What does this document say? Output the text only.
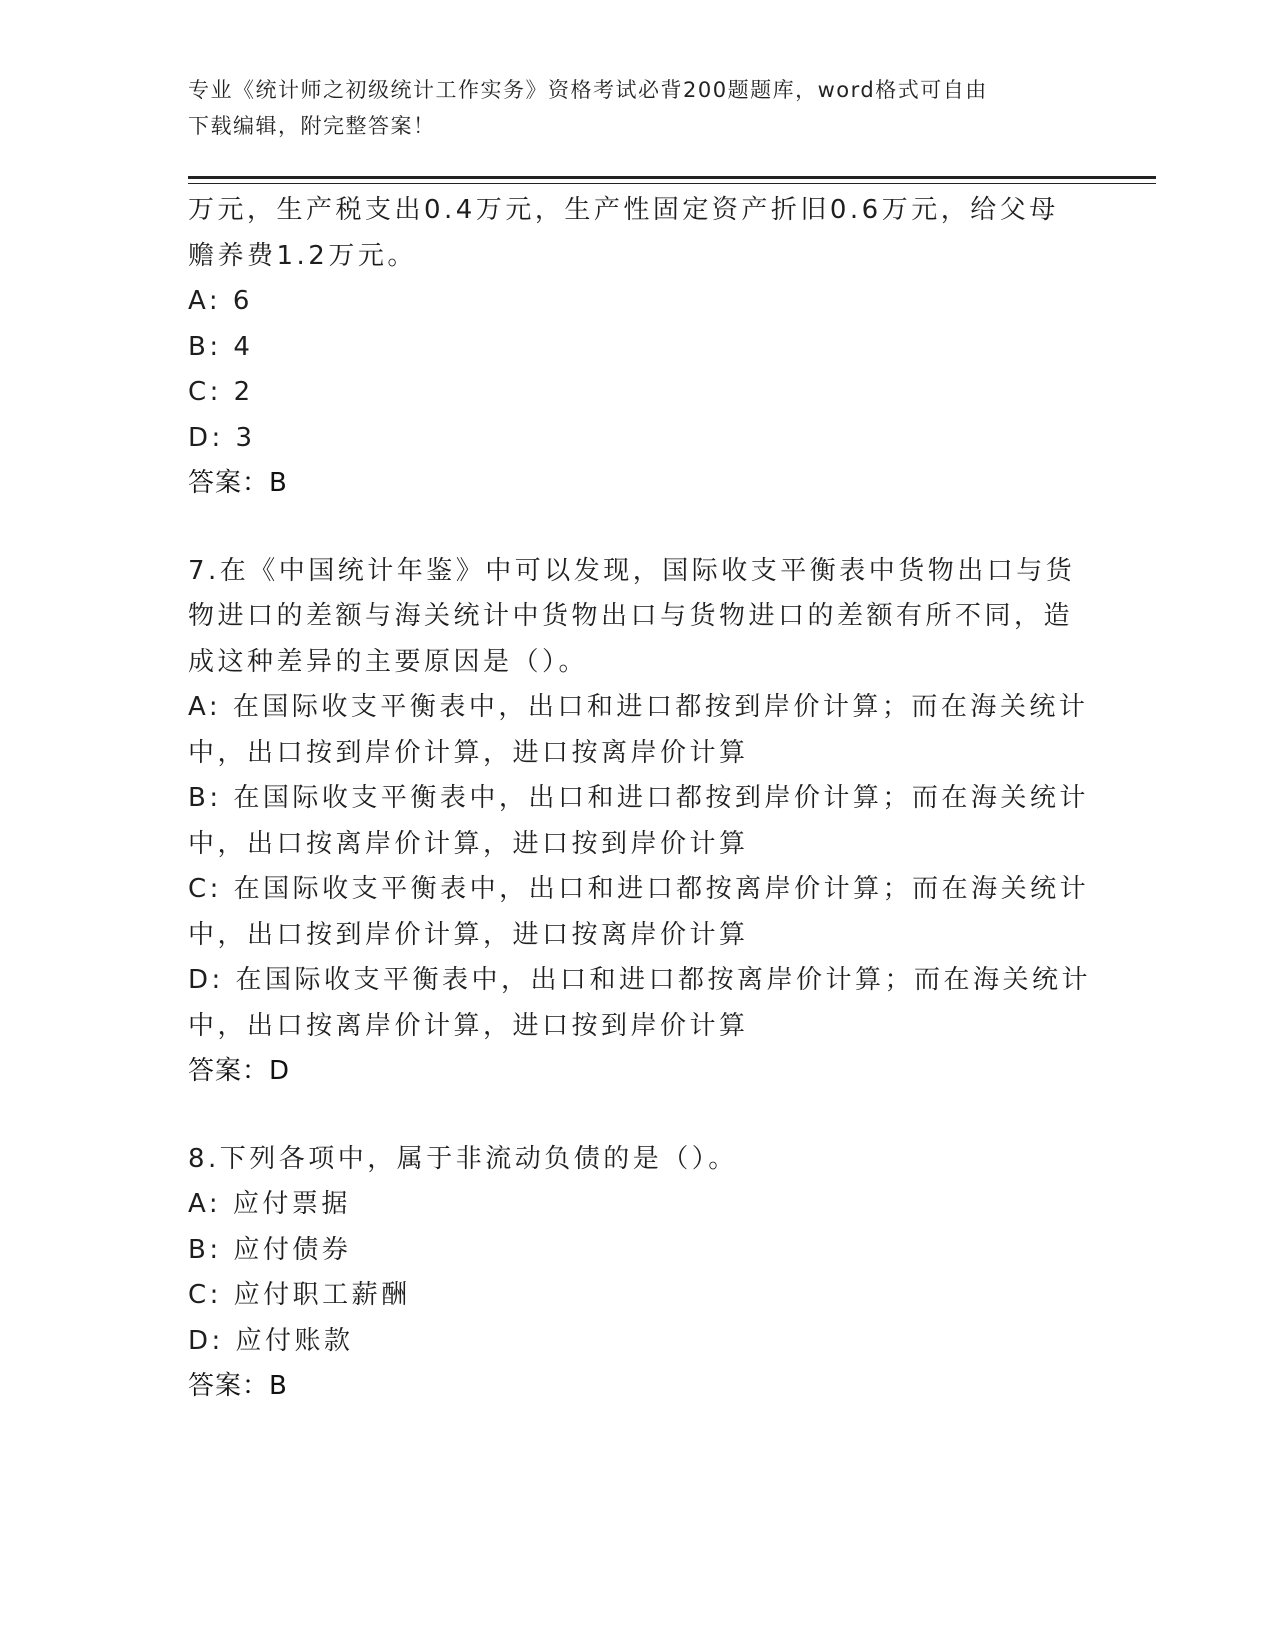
专业《统计师之初级统计工作实务》资格考试必背200题题库，word格式可自由
下载编辑，附完整答案！
万元，生产税支出0.4万元，生产性固定资产折旧0.6万元，给父母
赡养费1.2万元。
A: 6
B: 4
C: 2
D: 3
答案：B
7.在《中国统计年鉴》中可以发现，国际收支平衡表中货物出口与货
物进口的差额与海关统计中货物出口与货物进口的差额有所不同，造
成这种差异的主要原因是（）。
A: 在国际收支平衡表中，出口和进口都按到岸价计算；而在海关统计
中，出口按到岸价计算，进口按离岸价计算
B: 在国际收支平衡表中，出口和进口都按到岸价计算；而在海关统计
中，出口按离岸价计算，进口按到岸价计算
C: 在国际收支平衡表中，出口和进口都按离岸价计算；而在海关统计
中，出口按到岸价计算，进口按离岸价计算
D: 在国际收支平衡表中，出口和进口都按离岸价计算；而在海关统计
中，出口按离岸价计算，进口按到岸价计算
答案：D
8.下列各项中，属于非流动负债的是（）。
A: 应付票据
B: 应付债券
C: 应付职工薪酬
D: 应付账款
答案：B
